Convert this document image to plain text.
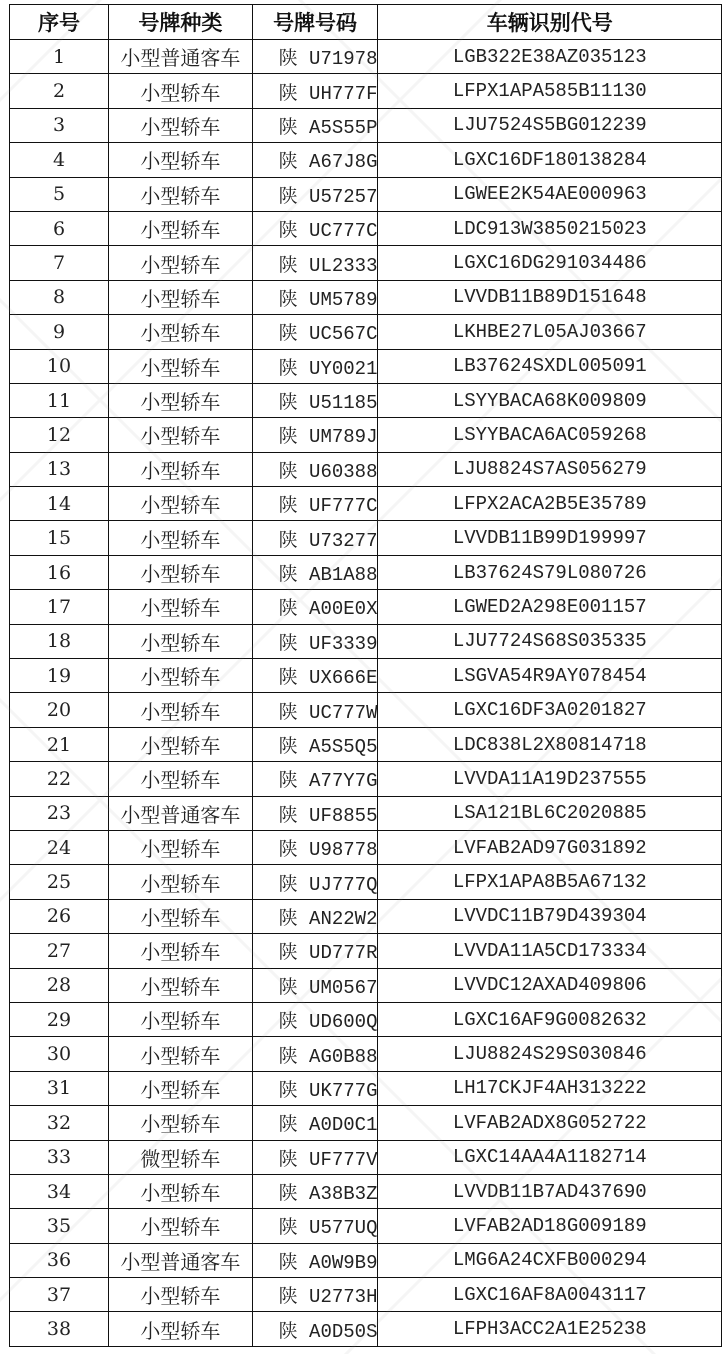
序号	号牌种类	号牌号码	车辆识别代号
1	小型普通客车	陕 U71978	LGB322E38AZ035123
2	小型轿车	陕 UH777F	LFPX1APA585B11130
3	小型轿车	陕 A5S55P	LJU7524S5BG012239
4	小型轿车	陕 A67J8G	LGXC16DF180138284
5	小型轿车	陕 U57257	LGWEE2K54AE000963
6	小型轿车	陕 UC777C	LDC913W3850215023
7	小型轿车	陕 UL2333	LGXC16DG291034486
8	小型轿车	陕 UM5789	LVVDB11B89D151648
9	小型轿车	陕 UC567C	LKHBE27L05AJ03667
10	小型轿车	陕 UY0021	LB37624SXDL005091
11	小型轿车	陕 U51185	LSYYBACA68K009809
12	小型轿车	陕 UM789J	LSYYBACA6AC059268
13	小型轿车	陕 U60388	LJU8824S7AS056279
14	小型轿车	陕 UF777C	LFPX2ACA2B5E35789
15	小型轿车	陕 U73277	LVVDB11B99D199997
16	小型轿车	陕 AB1A88	LB37624S79L080726
17	小型轿车	陕 A00E0X	LGWED2A298E001157
18	小型轿车	陕 UF3339	LJU7724S68S035335
19	小型轿车	陕 UX666E	LSGVA54R9AY078454
20	小型轿车	陕 UC777W	LGXC16DF3A0201827
21	小型轿车	陕 A5S5Q5	LDC838L2X80814718
22	小型轿车	陕 A77Y7G	LVVDA11A19D237555
23	小型普通客车	陕 UF8855	LSA121BL6C2020885
24	小型轿车	陕 U98778	LVFAB2AD97G031892
25	小型轿车	陕 UJ777Q	LFPX1APA8B5A67132
26	小型轿车	陕 AN22W2	LVVDC11B79D439304
27	小型轿车	陕 UD777R	LVVDA11A5CD173334
28	小型轿车	陕 UM0567	LVVDC12AXAD409806
29	小型轿车	陕 UD600Q	LGXC16AF9G0082632
30	小型轿车	陕 AG0B88	LJU8824S29S030846
31	小型轿车	陕 UK777G	LH17CKJF4AH313222
32	小型轿车	陕 A0D0C1	LVFAB2ADX8G052722
33	微型轿车	陕 UF777V	LGXC14AA4A1182714
34	小型轿车	陕 A38B3Z	LVVDB11B7AD437690
35	小型轿车	陕 U577UQ	LVFAB2AD18G009189
36	小型普通客车	陕 A0W9B9	LMG6A24CXFB000294
37	小型轿车	陕 U2773H	LGXC16AF8A0043117
38	小型轿车	陕 A0D50S	LFPH3ACC2A1E25238
